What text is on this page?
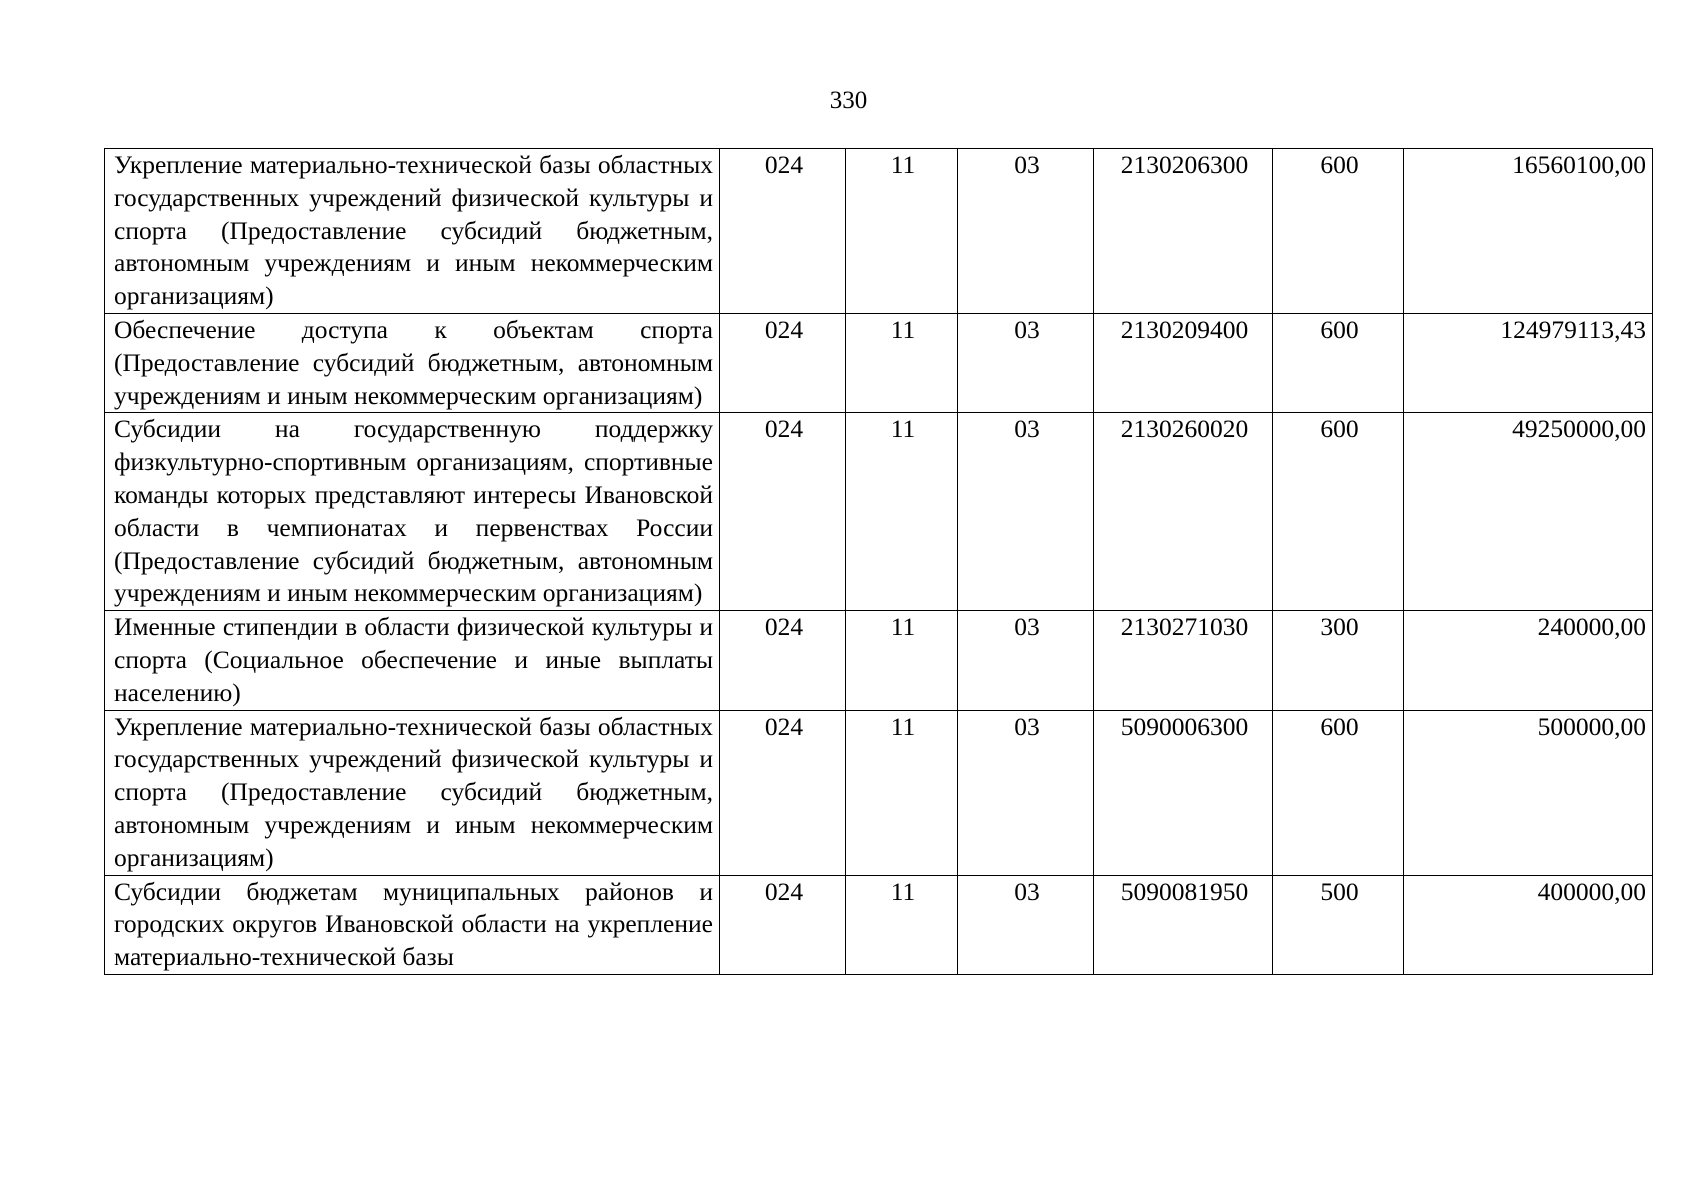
330
Укрепление материально-технической базы областных государственных учреждений физической культуры и спорта (Предоставление субсидий бюджетным, автономным учреждениям и иным некоммерческим организациям)	024	11	03	2130206300	600	16560100,00
Обеспечение доступа к объектам спорта (Предоставление субсидий бюджетным, автономным учреждениям и иным некоммерческим организациям)	024	11	03	2130209400	600	124979113,43
Субсидии на государственную поддержку физкультурно-спортивным организациям, спортивные команды которых представляют интересы Ивановской области в чемпионатах и первенствах России (Предоставление субсидий бюджетным, автономным учреждениям и иным некоммерческим организациям)	024	11	03	2130260020	600	49250000,00
Именные стипендии в области физической культуры и спорта (Социальное обеспечение и иные выплаты населению)	024	11	03	2130271030	300	240000,00
Укрепление материально-технической базы областных государственных учреждений физической культуры и спорта (Предоставление субсидий бюджетным, автономным учреждениям и иным некоммерческим организациям)	024	11	03	5090006300	600	500000,00
Субсидии бюджетам муниципальных районов и городских округов Ивановской области на укрепление материально-технической базы	024	11	03	5090081950	500	400000,00
